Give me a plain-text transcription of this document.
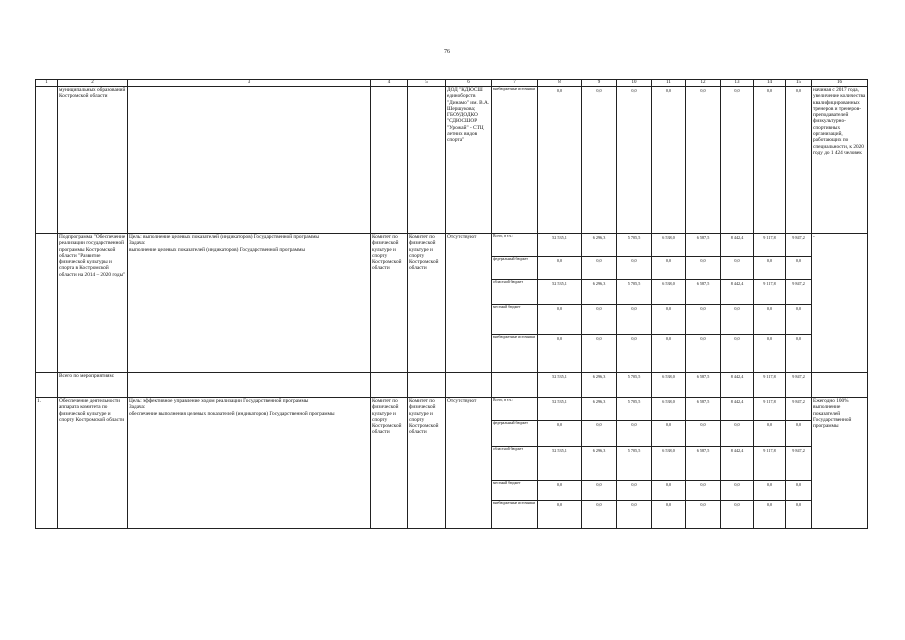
76
1	2	3	4	5	6	7	8	9	10	11	12	13	14	15	16
	муниципальных образований Костромской области				ДОД "КДЮСШ единоборств "Динамо" им. В.А. Шершукова; ГБОУДОДКО "СДЮСШОР "Урожай" - СТЦ летних видов спорта"	внебюджетные источники	0,0	0,0	0,0	0,0	0,0	0,0	0,0	0,0	начиная с 2017 года, увеличение количества квалифицированных тренеров и тренеров-преподавателей физкультурно-спортивных организаций, работающих по специальности, к 2020 году до 1 424 человек
	Подпрограмма "Обеспечение реализации государственной программы Костромской области "Развитие физической культуры и спорта в Костромской области на 2014 – 2020 годы"	Цель: выполнение целевых показателей (индикаторов) Государственной программы
Задача:
выполнение целевых показателей (индикаторов) Государственной программы	Комитет по физической культуре и спорту Костромской области	Комитет по физической культуре и спорту Костромской области	Отсутствуют	Всего, в т.ч.:	52 535,1	6 296,3	5 705,5	6 538,0	6 587,5	8 442,4	9 117,8	9 847,2	-
						федеральный бюджет	0,0	0,0	0,0	0,0	0,0	0,0	0,0	0,0	
						областной бюджет	52 535,1	6 296,3	5 705,5	6 538,0	6 587,5	8 442,4	9 117,8	9 847,2	
						местный бюджет	0,0	0,0	0,0	0,0	0,0	0,0	0,0	0,0	
						внебюджетные источники	0,0	0,0	0,0	0,0	0,0	0,0	0,0	0,0	
	Всего по мероприятиям:						52 535,1	6 296,3	5 705,5	6 538,0	6 587,5	8 442,4	9 117,8	9 847,2	
1.	Обеспечение деятельности аппарата комитета по физической культуре и спорту Костромской области	Цель: эффективное управление ходом реализации Государственной программы
Задача:
обеспечение выполнения целевых показателей (индикаторов) Государственной программы	Комитет по физической культуре и спорту Костромской области	Комитет по физической культуре и спорту Костромской области	Отсутствуют	Всего, в т.ч.:	52 535,1	6 296,3	5 705,5	6 538,0	6 587,5	8 442,4	9 117,8	9 847,2	Ежегодно 100% выполнение показателей Государственной программы
						федеральный бюджет	0,0	0,0	0,0	0,0	0,0	0,0	0,0	0,0	
						областной бюджет	52 535,1	6 296,3	5 705,5	6 538,0	6 587,5	8 442,4	9 117,8	9 847,2	
						местный бюджет	0,0	0,0	0,0	0,0	0,0	0,0	0,0	0,0	
						внебюджетные источники	0,0	0,0	0,0	0,0	0,0	0,0	0,0	0,0	
